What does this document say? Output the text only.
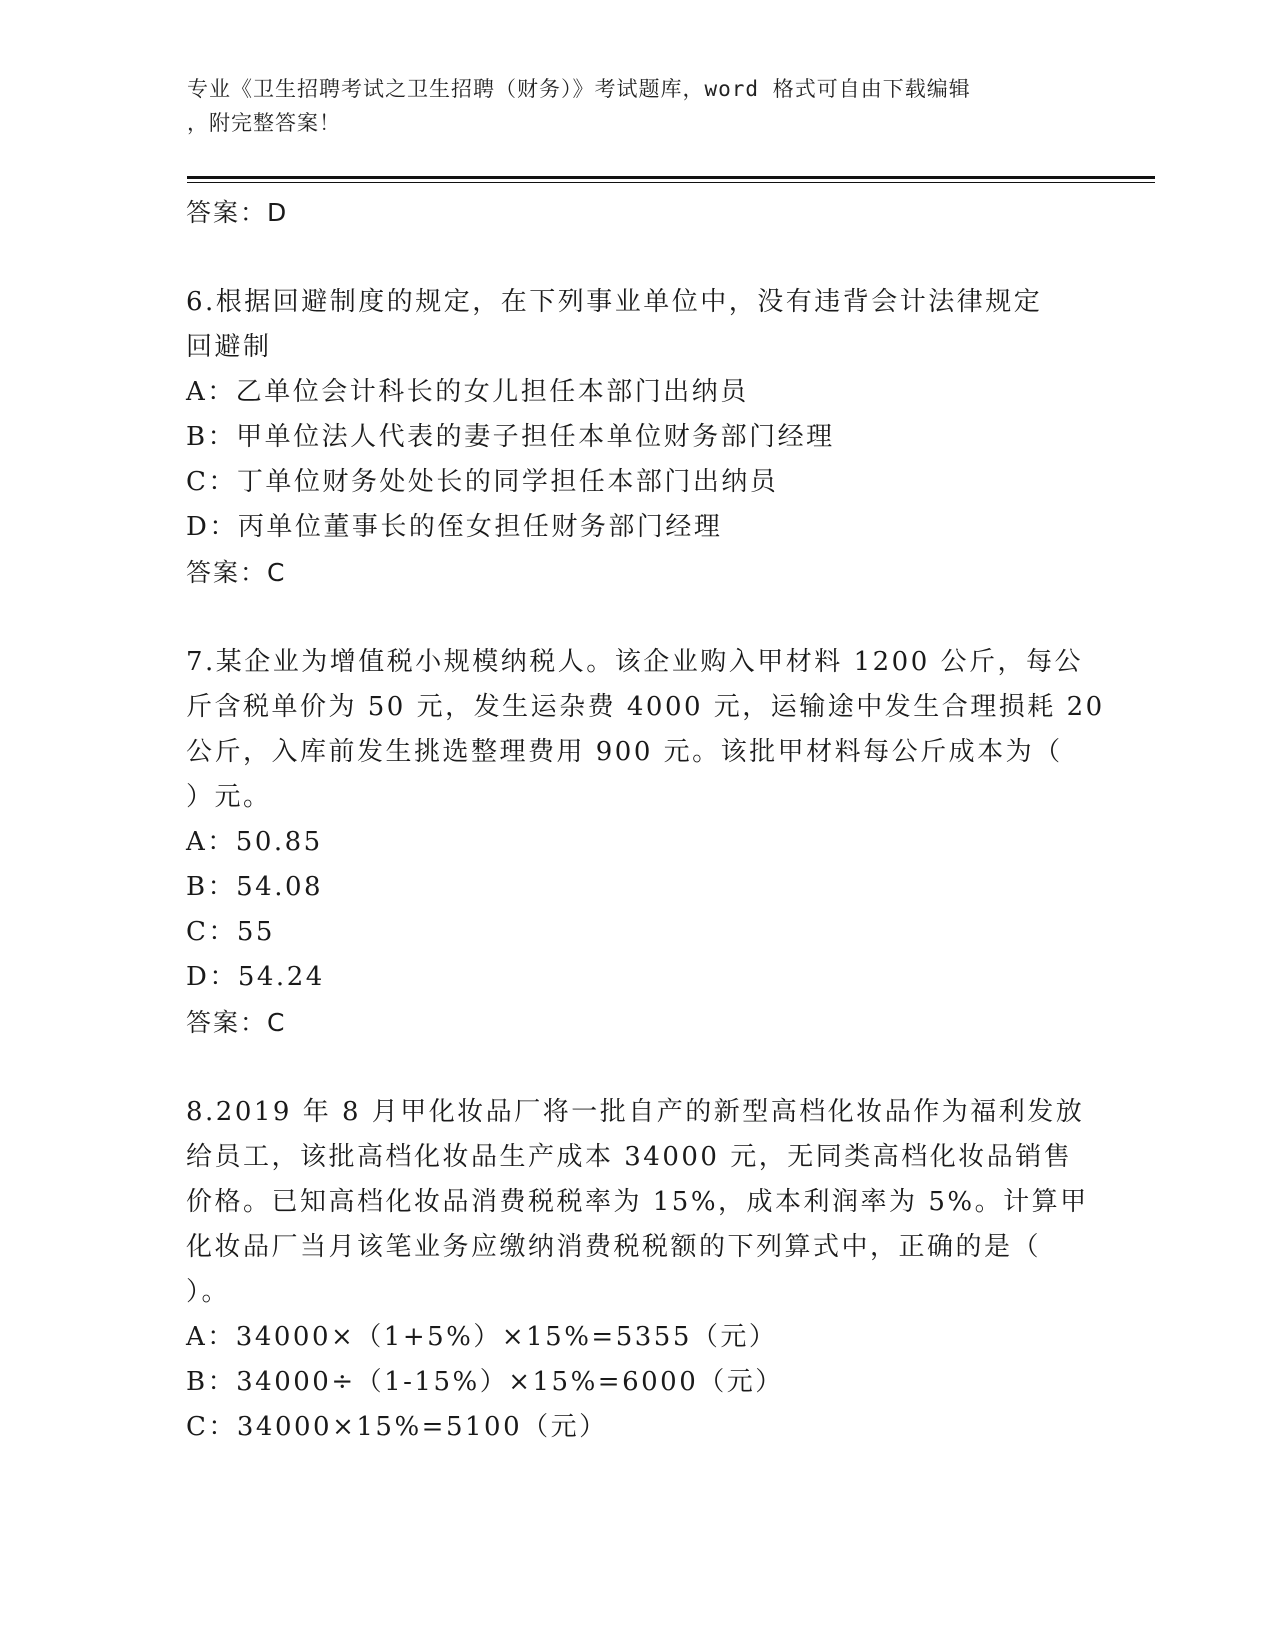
专业《卫生招聘考试之卫生招聘（财务）》考试题库，word 格式可自由下载编辑
，附完整答案！
答案：D
6.根据回避制度的规定，在下列事业单位中，没有违背会计法律规定
回避制
A：乙单位会计科长的女儿担任本部门出纳员
B：甲单位法人代表的妻子担任本单位财务部门经理
C：丁单位财务处处长的同学担任本部门出纳员
D：丙单位董事长的侄女担任财务部门经理
答案：C
7.某企业为增值税小规模纳税人。该企业购入甲材料 1200 公斤，每公
斤含税单价为 50 元，发生运杂费 4000 元，运输途中发生合理损耗 20
公斤，入库前发生挑选整理费用 900 元。该批甲材料每公斤成本为（
）元。
A：50.85
B：54.08
C：55
D：54.24
答案：C
8.2019 年 8 月甲化妆品厂将一批自产的新型高档化妆品作为福利发放
给员工，该批高档化妆品生产成本 34000 元，无同类高档化妆品销售
价格。已知高档化妆品消费税税率为 15%，成本利润率为 5%。计算甲
化妆品厂当月该笔业务应缴纳消费税税额的下列算式中，正确的是（
）。
A：34000×（1+5%）×15%=5355（元）
B：34000÷（1-15%）×15%=6000（元）
C：34000×15%=5100（元）
